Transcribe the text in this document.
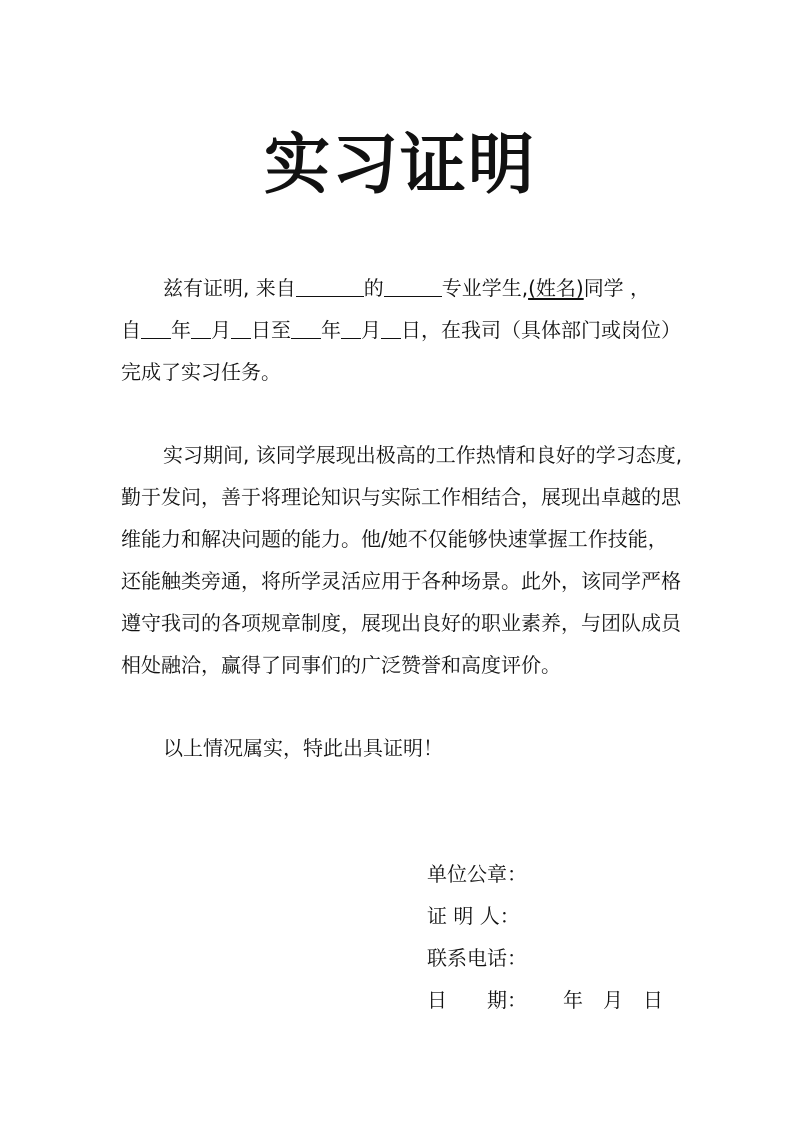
实习证明
兹有证明, 来自	的	专业学生,(姓名)同学 ，
自 年 月 日至 年 月 日，在我司（具体部门或岗位）
完成了实习任务。
实习期间, 该同学展现出极高的工作热情和良好的学习态度,
勤于发问，善于将理论知识与实际工作相结合，展现出卓越的思
维能力和解决问题的能力。他/她不仅能够快速掌握工作技能，
还能触类旁通，将所学灵活应用于各种场景。此外，该同学严格
遵守我司的各项规章制度，展现出良好的职业素养，与团队成员
相处融洽，赢得了同事们的广泛赞誉和高度评价。
以上情况属实，特此出具证明！
单位公章：
证 明 人：
联系电话：
日　　期： 年　月　日
